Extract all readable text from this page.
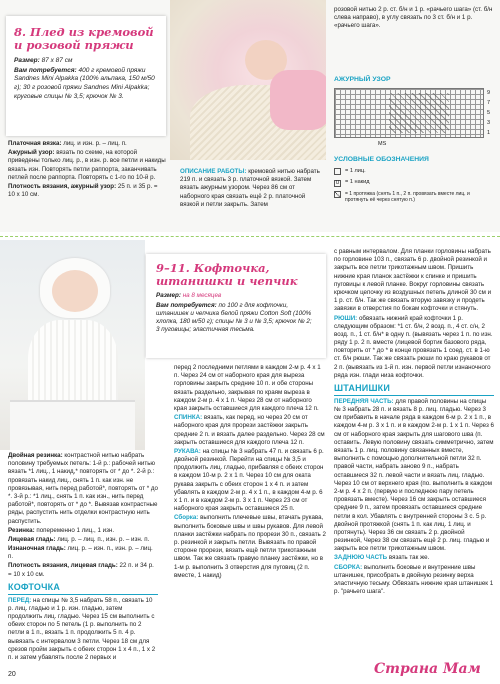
8. Плед из кремовой
и розовой пряжи

Размер: 87 x 87 см

Вам потребуется: 400 г кремовой пряжи Sandnes Mini Alpakka (100% альпака, 150 м/50 г); 30 г розовой пряжи Sandnes Mini Alpakka; круговые спицы № 3,5; крючок № 3.

Платочная вязка: лиц. и изн. р. – лиц. п.

Ажурный узор: вязать по схеме, на которой приведены только лиц. р., в изн. р. все петли и накиды вязать изн. Повторять петли раппорта, заканчивать петлей после раппорта. Повторять с 1-го по 10-й р.

Плотность вязания, ажурный узор: 25 п. и 35 р. = 10 х 10 см.

ОПИСАНИЕ РАБОТЫ: кремовой нитью набрать 219 п. и связать 3 р. платочной вязкой. Затем вязать ажурным узором. Через 86 см от наборного края связать ещё 2 р. платочной вязкой и петли закрыть. Затем

розовой нитью 2 р. ст. б/н и 1 р. «рачьего шага» (ст. б/н слева направо), в углу связать по 3 ст. б/н и 1 р. «рачьего шага».

АЖУРНЫЙ УЗОР
9
7
5
3
1
MS
УСЛОВНЫЕ ОБОЗНАЧЕНИЯ
= 1 лиц.
U	= 1 накид
= 1 протяжка (снять 1 п., 2 п. провязать вместе лиц. и протянуть её через снятую п.)
9–11. Кофточка,
штанишки и чепчик

Размер: на 8 месяцев

Вам потребуется: по 100 г для кофточки, штанишек и чепчика белой пряжи Cotton Soft (100% хлопка, 180 м/50 г); спицы № 3 и № 3,5; крючок № 2; 3 пуговицы; эластичная тесьма.

Двойная резинка: контрастной нитью набрать половину требуемых петель: 1-й р.: рабочей нитью вязать *1 лиц., 1 накид,* повторять от * до *. 2-й р.: провязать накид лиц., снять 1 п. как изн. не провязывая, нить перед работой*, повторять от * до *. 3-й р.: *1 лиц., снять 1 п. как изн., нить перед работой*, повторять от * до *. Вывязав контрастные ряды, распустить нить отделки контрастную нить распустить.

Резинка: попеременно 1 лиц., 1 изн.

Лицевая гладь: лиц. р. – лиц. п., изн. р. – изн. п.

Изнаночная гладь: лиц. р. – изн. п., изн. р. – лиц. п.

Плотность вязания, лицевая гладь: 22 п. и 34 р. = 10 х 10 см.

КОФТОЧКА

ПЕРЕД: на спицы № 3,5 набрать 58 п., связать 10 р. лиц. гладью и 1 р. изн. гладью, затем продолжить лиц. гладью. Через 15 см выполнить с обеих сторон по 5 петель (1 р. выполнить по 2 петли в 1 п., вязать 1 п. продолжить 5 п. 4 р. вывязать с интервалом 3 петли. Через 18 см для срезов пройм закрыть с обеих сторон 1 х 4 п., 1 х 2 п. и затем убавлять после 2 первых и

перед 2 последними петлями в каждом 2-м р. 4 х 1 п. Через 24 см от наборного края для выреза горловины закрыть средние 10 п. и обе стороны вязать раздельно, закрывая по краям выреза в каждом 2-м р. 4 х 1 п. Через 28 см от наборного края закрыть оставшиеся для каждого плеча 12 п.

СПИНКА: вязать, как перед, но через 20 см от наборного края для прорези застёжки закрыть средние 2 п. и вязать далее раздельно. Через 28 см закрыть оставшиеся для каждого плеча 12 п.

РУКАВА: на спицы № 3 набрать 47 п. и связать 6 р. двойной резинкой. Перейти на спицы № 3,5 и продолжить лиц. гладью, прибавляя с обеих сторон в каждом 10-м р. 2 х 1 п. Через 10 см для оката рукава закрыть с обеих сторон 1 х 4 п. и затем убавлять в каждом 2-м р. 4 х 1 п., в каждом 4-м р. 6 х 1 п. и в каждом 2-м р. 3 х 1 п. Через 23 см от наборного края закрыть оставшиеся 25 п.

Сборка: выполнить плечевые швы, втачать рукава, выполнить боковые швы и швы рукавов. Для левой планки застёжки набрать по прорези 30 п., связать 2 р. резинкой и закрыть петли. Вывязать по правой стороне прорези, вязать ещё петли трикотажным швом. Так же связать правую планку застёжки, но в 1-м р. выполнить 3 отверстия для пуговиц (2 п. вместе, 1 накид)

с равным интервалом. Для планки горловины набрать по горловине 103 п., связать 6 р. двойной резинкой и закрыть все петли трикотажным швом. Пришить нижние края планок застёжки к спинке и пришить пуговицы к левой планке. Вокруг горловины связать крючком цепочку из воздушных петель длиной 30 см и 1 р. ст. б/н. Так же связать вторую завязку и продеть завязки в отверстия по бокам кофточки и стянуть.

РЮШИ: обвязать нижний край кофточки 1 р. следующим образом: *1 ст. б/н, 2 возд. п., 4 ст. с/н, 2 возд. п., 1 ст. б/н* в одну п. (вывязать через 1 п. по изн. ряду 1 р. 2 п. вместе (лицевой бортик базового ряда, повторить от * до * в конце провязать 1 соед. ст. в 1-ю ст. б/н рюши. Так же связать рюши по краю рукавов от 2 п. (вывязать из 1-й п. изн. первой петли изнаночного ряда изн. глади низа кофточки.

ШТАНИШКИ

ПЕРЕДНЯЯ ЧАСТЬ: для правой половины на спицы № 3 набрать 28 п. и вязать 8 р. лиц. гладью. Через 3 см прибавить в начале ряда в каждом 6-м р. 2 х 1 п., в каждом 4-м р. 3 х 1 п. и в каждом 2-м р. 1 х 1 п. Через 6 см от наборного края закрыть для шагового шва (п. оставить. Левую половину связать симметрично, затем вязать 1 р. лиц. половину связанных вместе, выполнить с помощью дополнительной петли 32 п. правой части, набрать заново 9 п., набрать оставшиеся 32 п. левой части и вязать лиц. гладью. Через 10 см от верхнего края (по. выполнить в каждом 2-м р. 4 х 2 п. (первую и последнюю пару петель провязать вместе). Через 16 см закрыть оставшиеся средние 9 п., затем провязать оставшиеся средние петли в кол. Убавлять с внутренней стороны 3 с. 5 р. двойной протяжкой (снять 1 п. как лиц. 1 лиц. и протянуть). Через 36 см связать 2 р. двойной резинкой, Через 38 см связать ещё 2 р. лиц. гладью и закрыть все петли трикотажным швом.

ЗАДНЮЮ ЧАСТЬ вязать так же.

СБОРКА: выполнить боковые и внутренние швы штанишек, присобрать в двойную резинку верха эластичную тесьму. Обвязать нижние края штанишек 1 р. "рачьего шага".

20	Страна Мам
